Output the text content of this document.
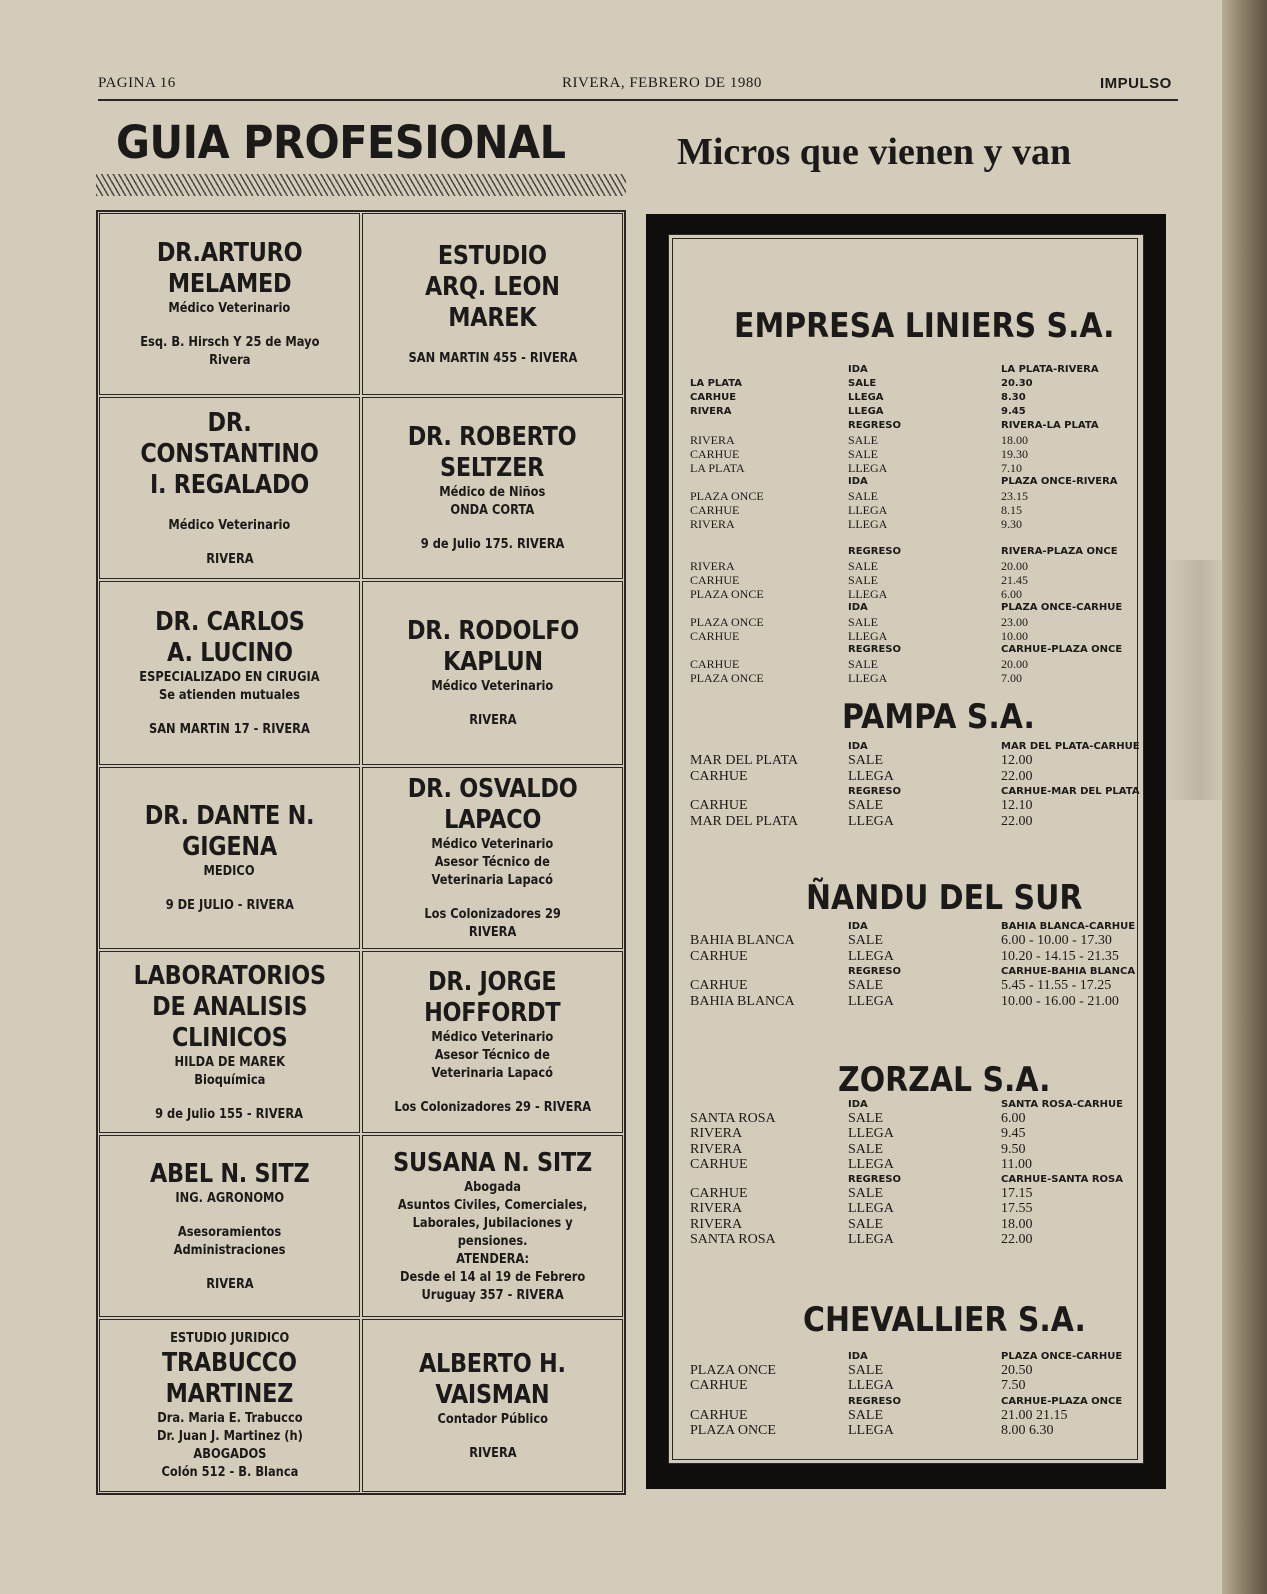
PAGINA 16	RIVERA, FEBRERO DE 1980	IMPULSO
GUIA PROFESIONAL	Micros que vienen y van
DR.ARTURO
MELAMED
Médico Veterinario
Esq. B. Hirsch Y 25 de Mayo
Rivera
ESTUDIO
ARQ. LEON
MAREK
SAN MARTIN 455 - RIVERA
DR. CONSTANTINO
I. REGALADO
Médico Veterinario
RIVERA
DR. ROBERTO
SELTZER
Médico de Niños
ONDA CORTA
9 de Julio 175. RIVERA
DR. CARLOS
A. LUCINO
ESPECIALIZADO EN CIRUGIA
Se atienden mutuales
SAN MARTIN 17 - RIVERA
DR. RODOLFO
KAPLUN
Médico Veterinario
RIVERA
DR. DANTE N.
GIGENA
MEDICO
9 DE JULIO - RIVERA
DR. OSVALDO
LAPACO
Médico Veterinario
Asesor Técnico de
Veterinaria Lapacó
Los Colonizadores 29
RIVERA
LABORATORIOS
DE ANALISIS
CLINICOS
HILDA DE MAREK
Bioquímica
9 de Julio 155 - RIVERA
DR. JORGE
HOFFORDT
Médico Veterinario
Asesor Técnico de
Veterinaria Lapacó
Los Colonizadores 29 - RIVERA
ABEL N. SITZ
ING. AGRONOMO
Asesoramientos
Administraciones
RIVERA
SUSANA N. SITZ
Abogada
Asuntos Civiles, Comerciales,
Laborales, Jubilaciones y
pensiones.
ATENDERA:
Desde el 14 al 19 de Febrero
Uruguay 357 - RIVERA
ESTUDIO JURIDICO
TRABUCCO
MARTINEZ
Dra. Maria E. Trabucco
Dr. Juan J. Martinez (h)
ABOGADOS
Colón 512 - B. Blanca
ALBERTO H.
VAISMAN
Contador Público
RIVERA
EMPRESA LINIERS S.A.
IDA	LA PLATA-RIVERA
LA PLATA	SALE	20.30
CARHUE	LLEGA	8.30
RIVERA	LLEGA	9.45
REGRESO	RIVERA-LA PLATA
RIVERA	SALE	18.00
CARHUE	SALE	19.30
LA PLATA	LLEGA	7.10
IDA	PLAZA ONCE-RIVERA
PLAZA ONCE	SALE	23.15
CARHUE	LLEGA	8.15
RIVERA	LLEGA	9.30
REGRESO	RIVERA-PLAZA ONCE
RIVERA	SALE	20.00
CARHUE	SALE	21.45
PLAZA ONCE	LLEGA	6.00
IDA	PLAZA ONCE-CARHUE
PLAZA ONCE	SALE	23.00
CARHUE	LLEGA	10.00
REGRESO	CARHUE-PLAZA ONCE
CARHUE	SALE	20.00
PLAZA ONCE	LLEGA	7.00
PAMPA S.A.
IDA	MAR DEL PLATA-CARHUE
MAR DEL PLATA	SALE	12.00
CARHUE	LLEGA	22.00
REGRESO	CARHUE-MAR DEL PLATA
CARHUE	SALE	12.10
MAR DEL PLATA	LLEGA	22.00
ÑANDU DEL SUR
IDA	BAHIA BLANCA-CARHUE
BAHIA BLANCA	SALE	6.00 - 10.00 - 17.30
CARHUE	LLEGA	10.20 - 14.15 - 21.35
REGRESO	CARHUE-BAHIA BLANCA
CARHUE	SALE	5.45 - 11.55 - 17.25
BAHIA BLANCA	LLEGA	10.00 - 16.00 - 21.00
ZORZAL S.A.
IDA	SANTA ROSA-CARHUE
SANTA ROSA	SALE	6.00
RIVERA	LLEGA	9.45
RIVERA	SALE	9.50
CARHUE	LLEGA	11.00
REGRESO	CARHUE-SANTA ROSA
CARHUE	SALE	17.15
RIVERA	LLEGA	17.55
RIVERA	SALE	18.00
SANTA ROSA	LLEGA	22.00
CHEVALLIER S.A.
IDA	PLAZA ONCE-CARHUE
PLAZA ONCE	SALE	20.50
CARHUE	LLEGA	7.50
REGRESO	CARHUE-PLAZA ONCE
CARHUE	SALE	21.00 21.15
PLAZA ONCE	LLEGA	8.00 6.30
